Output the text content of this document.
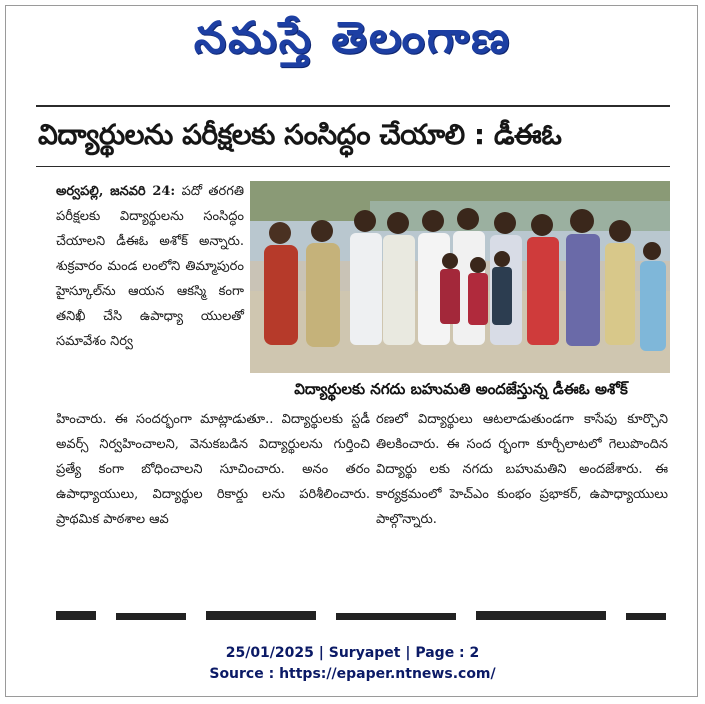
నమస్తే తెలంగాణ
విద్యార్థులను పరీక్షలకు సంసిద్ధం చేయాలి : డీఈఓ
అర్వపల్లి, జనవరి 24: పదో తరగతి పరీక్షలకు విద్యార్థులను సంసిద్ధం చేయాలని డీఈఓ అశోక్ అన్నారు. శుక్రవారం మండ లంలోని తిమ్మాపురం హైస్కూల్‌ను ఆయన ఆకస్మి కంగా తనిఖీ చేసి ఉపాధ్యా యులతో సమావేశం నిర్వ
విద్యార్థులకు నగదు బహుమతి అందజేస్తున్న డీఈఓ అశోక్
హించారు. ఈ సందర్భంగా మాట్లాడుతూ.. విద్యార్థులకు స్టడీ అవర్స్ నిర్వహించాలని, వెనుకబడిన విద్యార్థులను గుర్తించి ప్రత్యే కంగా బోధించాలని సూచించారు. అనం తరం ఉపాధ్యాయులు, విద్యార్థుల రికార్డు లను పరిశీలించారు. ప్రాథమిక పాఠశాల ఆవ
రణలో విద్యార్థులు ఆటలాడుతుండగా కాసేపు కూర్చొని తిలకించారు. ఈ సంద ర్భంగా కూర్చీలాటలో గెలుపొందిన విద్యార్థు లకు నగదు బహుమతిని అందజేశారు. ఈ కార్యక్రమంలో హెచ్‌ఎం కుంభం ప్రభాకర్, ఉపాధ్యాయులు పాల్గొన్నారు.
25/01/2025 | Suryapet | Page : 2
Source : https://epaper.ntnews.com/
